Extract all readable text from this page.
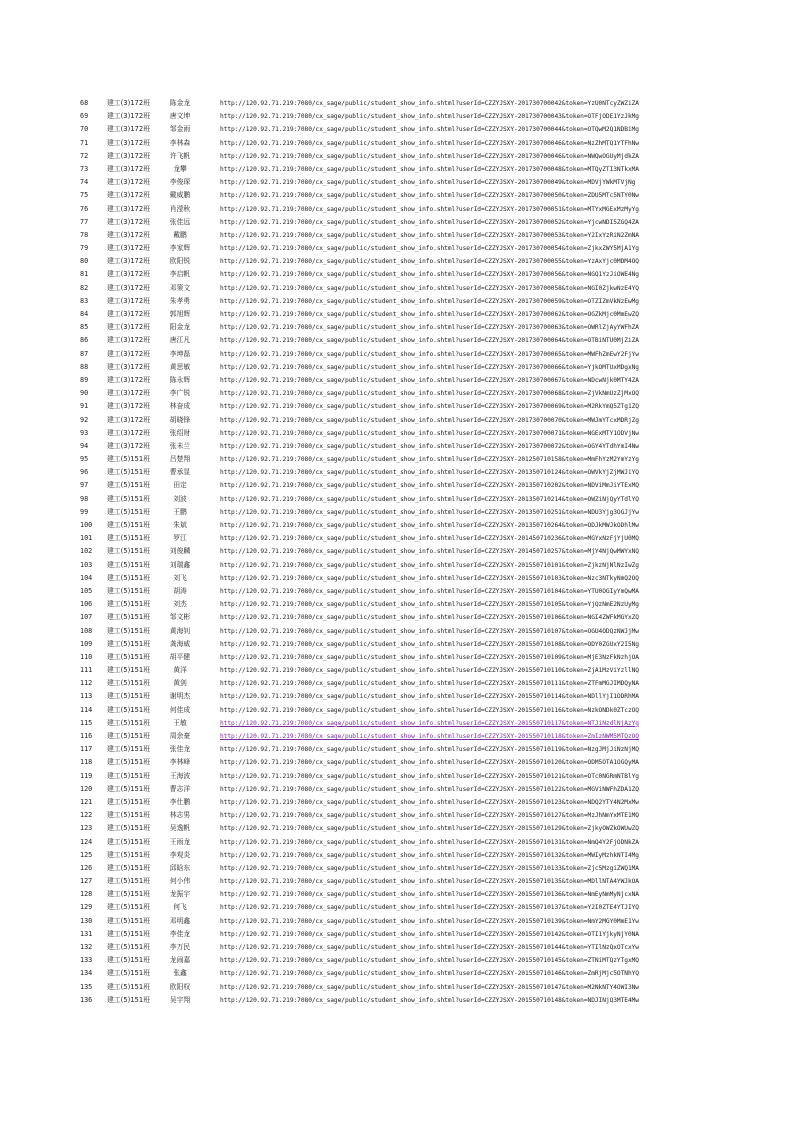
68	建工(3)172班	陈金龙	http://120.92.71.219:7080/cx_sage/public/student_show_info.shtml?userId=CZZYJSXY-201730700042&token=YzU0NTcyZWZiZA
69	建工(3)172班	唐文坤	http://120.92.71.219:7080/cx_sage/public/student_show_info.shtml?userId=CZZYJSXY-201730700043&token=OTFjODE1YzJkMg
70	建工(3)172班	邹金雨	http://120.92.71.219:7080/cx_sage/public/student_show_info.shtml?userId=CZZYJSXY-201730700044&token=OTQwM2Q1NDBiMg
71	建工(3)172班	李林森	http://120.92.71.219:7080/cx_sage/public/student_show_info.shtml?userId=CZZYJSXY-201730700046&token=NzZhMTQ1YTFhNw
72	建工(3)172班	许飞帆	http://120.92.71.219:7080/cx_sage/public/student_show_info.shtml?userId=CZZYJSXY-201730700046&token=NWQwOGUyMjdkZA
73	建工(3)172班	龙攀	http://120.92.71.219:7080/cx_sage/public/student_show_info.shtml?userId=CZZYJSXY-201730700048&token=MTQyZTI3NTkxMA
74	建工(3)172班	李俊琛	http://120.92.71.219:7080/cx_sage/public/student_show_info.shtml?userId=CZZYJSXY-201730700049&token=MDVjYWkMTVjNg
75	建工(3)172班	戴威鹏	http://120.92.71.219:7080/cx_sage/public/student_show_info.shtml?userId=CZZYJSXY-201730700050&token=ZDU5MTc5NTY0Nw
76	建工(3)172班	肖滢秋	http://120.92.71.219:7080/cx_sage/public/student_show_info.shtml?userId=CZZYJSXY-201730700051&token=MTYxMGExMzMyYg
77	建工(3)172班	张佳远	http://120.92.71.219:7080/cx_sage/public/student_show_info.shtml?userId=CZZYJSXY-201730700052&token=YjcwNDI5ZGQ4ZA
78	建工(3)172班	戴鹏	http://120.92.71.219:7080/cx_sage/public/student_show_info.shtml?userId=CZZYJSXY-201730700053&token=Y2IxYzRiN2ZmNA
79	建工(3)172班	李家辉	http://120.92.71.219:7080/cx_sage/public/student_show_info.shtml?userId=CZZYJSXY-201730700054&token=ZjkxZWY5MjA1Yg
80	建工(3)172班	欧阳锐	http://120.92.71.219:7080/cx_sage/public/student_show_info.shtml?userId=CZZYJSXY-201730700055&token=YzAxYjc0MDM4OQ
81	建工(3)172班	李启帆	http://120.92.71.219:7080/cx_sage/public/student_show_info.shtml?userId=CZZYJSXY-201730700056&token=NGQ1YzJiOWE4Ng
82	建工(3)172班	邓策文	http://120.92.71.219:7080/cx_sage/public/student_show_info.shtml?userId=CZZYJSXY-201730700058&token=NGI0ZjkwNzE4YQ
83	建工(3)172班	朱孝勇	http://120.92.71.219:7080/cx_sage/public/student_show_info.shtml?userId=CZZYJSXY-201730700059&token=OTZIZmVkNzEwMg
84	建工(3)172班	郭旭辉	http://120.92.71.219:7080/cx_sage/public/student_show_info.shtml?userId=CZZYJSXY-201730700062&token=OGZkMjc0MmEwZQ
85	建工(3)172班	阳金龙	http://120.92.71.219:7080/cx_sage/public/student_show_info.shtml?userId=CZZYJSXY-201730700063&token=OWRlZjAyYWFhZA
86	建工(3)172班	唐江凡	http://120.92.71.219:7080/cx_sage/public/student_show_info.shtml?userId=CZZYJSXY-201730700064&token=OTBiNTU0MjZiZA
87	建工(3)172班	李坤磊	http://120.92.71.219:7080/cx_sage/public/student_show_info.shtml?userId=CZZYJSXY-201730700065&token=MWFhZmEwY2FjYw
88	建工(3)172班	黄思敏	http://120.92.71.219:7080/cx_sage/public/student_show_info.shtml?userId=CZZYJSXY-201730700066&token=YjkOMTUxMDgxNg
89	建工(3)172班	陈永辉	http://120.92.71.219:7080/cx_sage/public/student_show_info.shtml?userId=CZZYJSXY-201730700067&token=NDcwNjk0MTY4ZA
90	建工(3)172班	李广锐	http://120.92.71.219:7080/cx_sage/public/student_show_info.shtml?userId=CZZYJSXY-201730700068&token=ZjVkNmUzZjMxOQ
91	建工(3)172班	林奋成	http://120.92.71.219:7080/cx_sage/public/student_show_info.shtml?userId=CZZYJSXY-201730700069&token=M2RkYmQ5ZTg1ZQ
92	建工(3)172班	胡晓锋	http://120.92.71.219:7080/cx_sage/public/student_show_info.shtml?userId=CZZYJSXY-201730700070&token=MWJmYTcxMDRjZg
93	建工(3)172班	张绍财	http://120.92.71.219:7080/cx_sage/public/student_show_info.shtml?userId=CZZYJSXY-201730700071&token=NGExMTY1ODVjNw
94	建工(3)172班	张未兰	http://120.92.71.219:7080/cx_sage/public/student_show_info.shtml?userId=CZZYJSXY-201730700072&token=OGY4YTdhYmI4Nw
95	建工(5)151班	吕楚翔	http://120.92.71.219:7080/cx_sage/public/student_show_info.shtml?userId=CZZYJSXY-201250710158&token=MmFhYzM2YmYzYg
96	建工(5)151班	曹承显	http://120.92.71.219:7080/cx_sage/public/student_show_info.shtml?userId=CZZYJSXY-201350710124&token=OWVkYjZjMWJiYQ
97	建工(5)151班	田定	http://120.92.71.219:7080/cx_sage/public/student_show_info.shtml?userId=CZZYJSXY-201350710202&token=NDViMmJiYTExMQ
98	建工(5)151班	刘波	http://120.92.71.219:7080/cx_sage/public/student_show_info.shtml?userId=CZZYJSXY-201350710214&token=OWZiNjQyYTdlYQ
99	建工(5)151班	王鹏	http://120.92.71.219:7080/cx_sage/public/student_show_info.shtml?userId=CZZYJSXY-201350710251&token=NDU3Yjg3OGJjYw
100	建工(5)151班	朱斌	http://120.92.71.219:7080/cx_sage/public/student_show_info.shtml?userId=CZZYJSXY-201350710264&token=ODJkMWJkODhlMw
101	建工(5)151班	罗江	http://120.92.71.219:7080/cx_sage/public/student_show_info.shtml?userId=CZZYJSXY-201450710236&token=MGYxNzFjYjU0MQ
102	建工(5)151班	刘俊麟	http://120.92.71.219:7080/cx_sage/public/student_show_info.shtml?userId=CZZYJSXY-201450710257&token=MjY4NjQwMWYxNQ
103	建工(5)151班	刘瑞鑫	http://120.92.71.219:7080/cx_sage/public/student_show_info.shtml?userId=CZZYJSXY-201550710101&token=ZjkzNjNlNzIwZg
104	建工(5)151班	刘飞	http://120.92.71.219:7080/cx_sage/public/student_show_info.shtml?userId=CZZYJSXY-201550710103&token=Nzc3NTkyNmQ2OQ
105	建工(5)151班	胡涛	http://120.92.71.219:7080/cx_sage/public/student_show_info.shtml?userId=CZZYJSXY-201550710104&token=YTU0OGIyYmQwMA
106	建工(5)151班	刘杰	http://120.92.71.219:7080/cx_sage/public/student_show_info.shtml?userId=CZZYJSXY-201550710105&token=YjQzNmE2NzUyMg
107	建工(5)151班	邹文彬	http://120.92.71.219:7080/cx_sage/public/student_show_info.shtml?userId=CZZYJSXY-201550710106&token=NGI4ZWFkMGYxZQ
108	建工(5)151班	黄海钊	http://120.92.71.219:7080/cx_sage/public/student_show_info.shtml?userId=CZZYJSXY-201550710107&token=OGU4ODQzNWJjMw
109	建工(5)151班	龚海威	http://120.92.71.219:7080/cx_sage/public/student_show_info.shtml?userId=CZZYJSXY-201550710108&token=ODY0ZGUxY2I5Ng
110	建工(5)151班	胡平健	http://120.92.71.219:7080/cx_sage/public/student_show_info.shtml?userId=CZZYJSXY-201550710109&token=MjE3NzFkNzhjOA
111	建工(5)151班	黄洋	http://120.92.71.219:7080/cx_sage/public/student_show_info.shtml?userId=CZZYJSXY-201550710110&token=ZjA1MzViYzllNQ
112	建工(5)151班	黄剑	http://120.92.71.219:7080/cx_sage/public/student_show_info.shtml?userId=CZZYJSXY-201550710111&token=ZTFmMGJIMDQyNA
113	建工(5)151班	谢明杰	http://120.92.71.219:7080/cx_sage/public/student_show_info.shtml?userId=CZZYJSXY-201550710114&token=NDllYjI1ODRhMA
114	建工(5)151班	何佳成	http://120.92.71.219:7080/cx_sage/public/student_show_info.shtml?userId=CZZYJSXY-201550710116&token=NzkONDk0ZTczOQ
115	建工(5)151班	王敏	http://120.92.71.219:7080/cx_sage/public/student_show_info.shtml?userId=CZZYJSXY-201550710117&token=NTJiNzdlNjAzYg
116	建工(5)151班	周余豪	http://120.92.71.219:7080/cx_sage/public/student_show_info.shtml?userId=CZZYJSXY-201550710118&token=ZmIzNWM5MTQzOQ
117	建工(5)151班	张佳龙	http://120.92.71.219:7080/cx_sage/public/student_show_info.shtml?userId=CZZYJSXY-201550710119&token=NzgJMjJiNzNjMQ
118	建工(5)151班	李林峰	http://120.92.71.219:7080/cx_sage/public/student_show_info.shtml?userId=CZZYJSXY-201550710120&token=ODM5OTA1OGQyMA
119	建工(5)151班	王海波	http://120.92.71.219:7080/cx_sage/public/student_show_info.shtml?userId=CZZYJSXY-201550710121&token=OTc0NGRmNTBlYg
120	建工(5)151班	曹志洋	http://120.92.71.219:7080/cx_sage/public/student_show_info.shtml?userId=CZZYJSXY-201550710122&token=MGViNWFhZDA1ZQ
121	建工(5)151班	李仕鹏	http://120.92.71.219:7080/cx_sage/public/student_show_info.shtml?userId=CZZYJSXY-201550710123&token=NDQ2YTY4N2MxMw
122	建工(5)151班	林志男	http://120.92.71.219:7080/cx_sage/public/student_show_info.shtml?userId=CZZYJSXY-201550710127&token=MzJhNmYxMTE1MQ
123	建工(5)151班	吴逸帆	http://120.92.71.219:7080/cx_sage/public/student_show_info.shtml?userId=CZZYJSXY-201550710129&token=ZjkyOWZkOWUwZQ
124	建工(5)151班	王雨龙	http://120.92.71.219:7080/cx_sage/public/student_show_info.shtml?userId=CZZYJSXY-201550710131&token=NmQ4Y2FjODNkZA
125	建工(5)151班	李观炎	http://120.92.71.219:7080/cx_sage/public/student_show_info.shtml?userId=CZZYJSXY-201550710132&token=MWIyMzhkNTI4Mg
126	建工(5)151班	邱晗东	http://120.92.71.219:7080/cx_sage/public/student_show_info.shtml?userId=CZZYJSXY-201550710133&token=Zjc5MzgiZWQ1MA
127	建工(5)151班	何小伟	http://120.92.71.219:7080/cx_sage/public/student_show_info.shtml?userId=CZZYJSXY-201550710135&token=MDllNTA4YWJkOA
128	建工(5)151班	龙振宇	http://120.92.71.219:7080/cx_sage/public/student_show_info.shtml?userId=CZZYJSXY-201550710136&token=NmEyNmMyNjcxNA
129	建工(5)151班	何飞	http://120.92.71.219:7080/cx_sage/public/student_show_info.shtml?userId=CZZYJSXY-201550710137&token=Y2I0ZTE4YTJIYQ
130	建工(5)151班	邓明鑫	http://120.92.71.219:7080/cx_sage/public/student_show_info.shtml?userId=CZZYJSXY-201550710139&token=NmY2MGY0MmE1Yw
131	建工(5)151班	李佳龙	http://120.92.71.219:7080/cx_sage/public/student_show_info.shtml?userId=CZZYJSXY-201550710142&token=OTI1YjkyNjY0NA
132	建工(5)151班	李万民	http://120.92.71.219:7080/cx_sage/public/student_show_info.shtml?userId=CZZYJSXY-201550710144&token=YTIlNzQxOTcxYw
133	建工(5)151班	龙闹嘉	http://120.92.71.219:7080/cx_sage/public/student_show_info.shtml?userId=CZZYJSXY-201550710145&token=ZTNiMTQzYTgxMQ
134	建工(5)151班	张鑫	http://120.92.71.219:7080/cx_sage/public/student_show_info.shtml?userId=CZZYJSXY-201550710146&token=ZmRjMjc5OTNhYQ
135	建工(5)151班	欧阳权	http://120.92.71.219:7080/cx_sage/public/student_show_info.shtml?userId=CZZYJSXY-201550710147&token=M2NkNTY4OWI3Nw
136	建工(5)151班	吴宇翔	http://120.92.71.219:7080/cx_sage/public/student_show_info.shtml?userId=CZZYJSXY-201550710148&token=NDJINjQ3MTE4Mw
